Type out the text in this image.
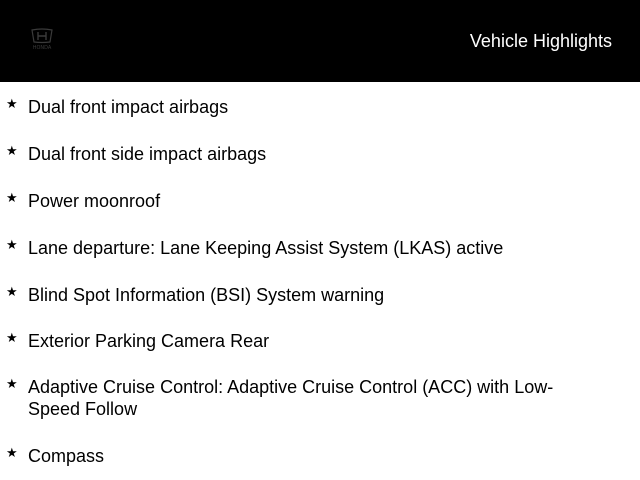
HONDA	Vehicle Highlights
★ Dual front impact airbags
★ Dual front side impact airbags
★ Power moonroof
★ Lane departure: Lane Keeping Assist System (LKAS) active
★ Blind Spot Information (BSI) System warning
★ Exterior Parking Camera Rear
★ Adaptive Cruise Control: Adaptive Cruise Control (ACC) with Low-Speed Follow
★ Compass
